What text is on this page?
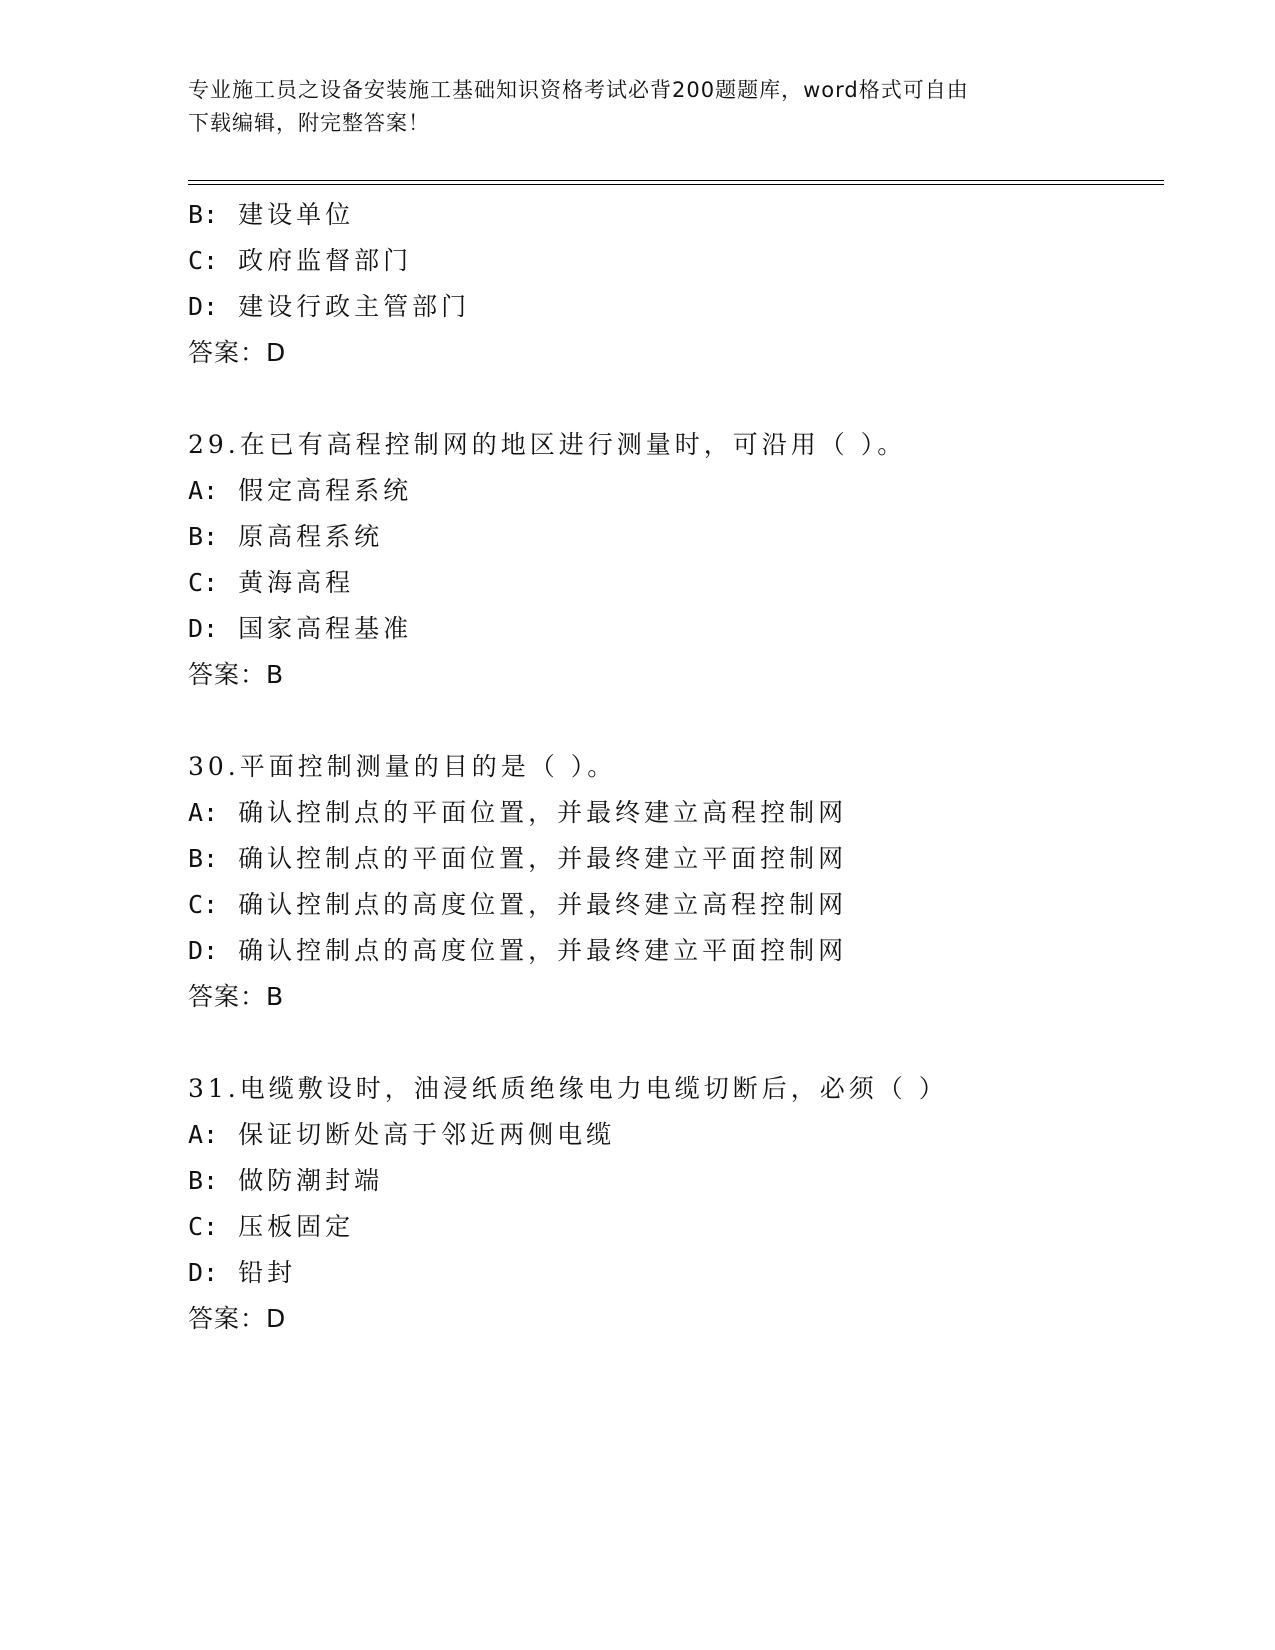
专业施工员之设备安装施工基础知识资格考试必背200题题库，word格式可自由
下载编辑，附完整答案！
B: 建设单位
C: 政府监督部门
D: 建设行政主管部门
答案：D
29.在已有高程控制网的地区进行测量时，可沿用（ ）。
A: 假定高程系统
B: 原高程系统
C: 黄海高程
D: 国家高程基准
答案：B
30.平面控制测量的目的是（ ）。
A: 确认控制点的平面位置，并最终建立高程控制网
B: 确认控制点的平面位置，并最终建立平面控制网
C: 确认控制点的高度位置，并最终建立高程控制网
D: 确认控制点的高度位置，并最终建立平面控制网
答案：B
31.电缆敷设时，油浸纸质绝缘电力电缆切断后，必须（ ）
A: 保证切断处高于邻近两侧电缆
B: 做防潮封端
C: 压板固定
D: 铅封
答案：D
